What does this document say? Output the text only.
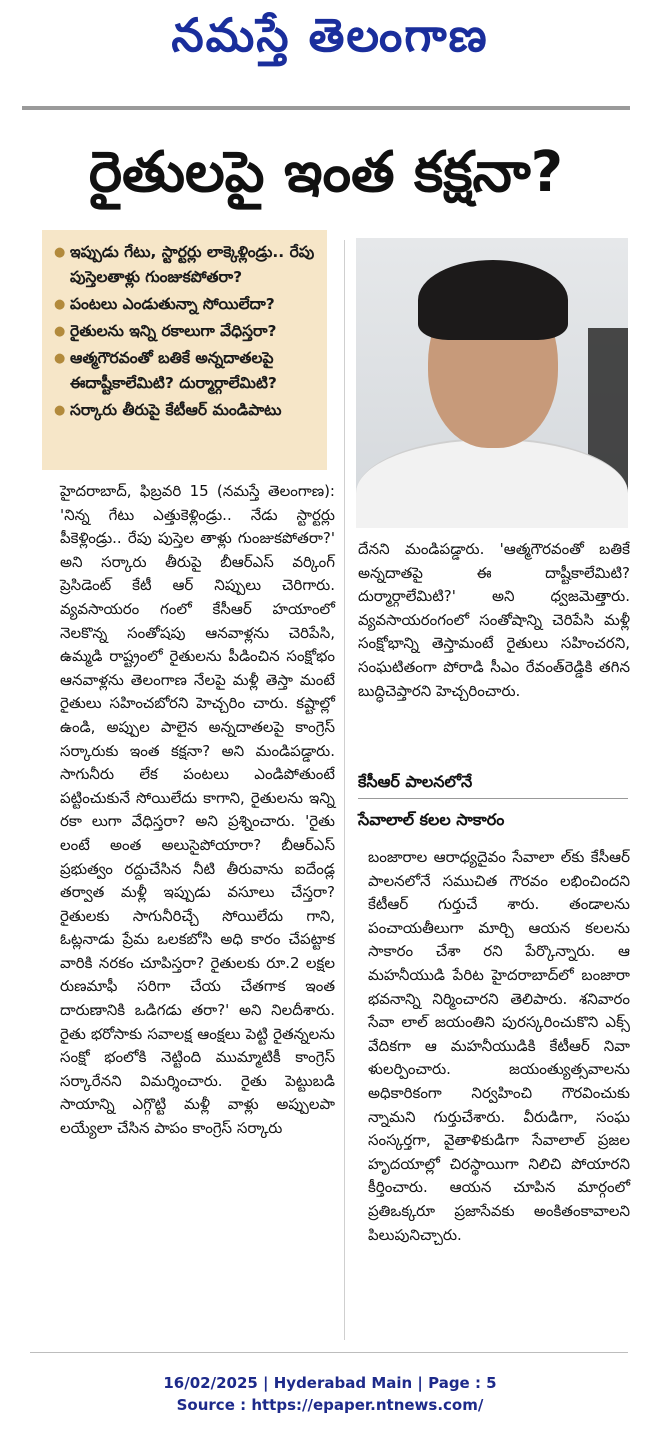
నమస్తే తెలంగాణ
రైతులపై ఇంత కక్షనా?
● ఇప్పుడు గేటు, స్టార్టర్లు లాక్కెళ్లిండ్రు.. రేపు పుస్తెలతాళ్లు గుంజుకపోతరా?
● పంటలు ఎండుతున్నా సోయిలేదా?
● రైతులను ఇన్ని రకాలుగా వేధిస్తరా?
● ఆత్మగౌరవంతో బతికే అన్నదాతలపై ఈదాష్టీకాలేమిటి? దుర్మార్గాలేమిటి?
● సర్కారు తీరుపై కేటీఆర్ మండిపాటు

హైదరాబాద్, ఫిబ్రవరి 15 (నమస్తే తెలంగాణ): 'నిన్న గేటు ఎత్తుకెళ్లిండ్రు.. నేడు స్టార్టర్లు పీకెళ్లిండ్రు.. రేపు పుస్తెల తాళ్లు గుంజుకపోతరా?' అని సర్కారు తీరుపై బీఆర్ఎస్ వర్కింగ్ ప్రెసిడెంట్ కేటీ ఆర్ నిప్పులు చెరిగారు. వ్యవసాయరం గంలో కేసీఆర్ హయాంలో నెలకొన్న సంతోషపు ఆనవాళ్లను చెరిపేసి, ఉమ్మడి రాష్ట్రంలో రైతులను పీడించిన సంక్షోభం ఆనవాళ్లను తెలంగాణ నేలపై మళ్లీ తెస్తా మంటే రైతులు సహించబోరని హెచ్చరిం చారు. కష్టాల్లో ఉండి, అప్పుల పాలైన అన్నదాతలపై కాంగ్రెస్ సర్కారుకు ఇంత కక్షనా? అని మండిపడ్డారు. సాగునీరు లేక పంటలు ఎండిపోతుంటే పట్టించుకునే సోయిలేదు కాగాని, రైతులను ఇన్ని రకా లుగా వేధిస్తరా? అని ప్రశ్నించారు. 'రైతు లంటే అంత అలుసైపోయారా? బీఆర్ఎస్ ప్రభుత్వం రద్దుచేసిన నీటి తీరువాను ఐదేండ్ల తర్వాత మళ్లీ ఇప్పుడు వసూలు చేస్తరా? రైతులకు సాగునీరిచ్చే సోయిలేదు గాని, ఓట్లనాడు ప్రేమ ఒలకబోసి అధి కారం చేపట్టాక వారికి నరకం చూపిస్తరా? రైతులకు రూ.2 లక్షల రుణమాఫీ సరిగా చేయ చేతగాక ఇంత దారుణానికి ఒడిగడు తరా?' అని నిలదీశారు. రైతు భరోసాకు సవాలక్ష ఆంక్షలు పెట్టి రైతన్నలను సంక్షో భంలోకి నెట్టింది ముమ్మాటికీ కాంగ్రెస్ సర్కారేనని విమర్శించారు. రైతు పెట్టుబడి సాయాన్ని ఎగ్గొట్టి మళ్లీ వాళ్లు అప్పులపా లయ్యేలా చేసిన పాపం కాంగ్రెస్ సర్కారు

దేనని మండిపడ్డారు. 'ఆత్మగౌరవంతో బతికే అన్నదాతపై ఈ దాష్టీకాలేమిటి? దుర్మార్గాలేమిటి?' అని ధ్వజమెత్తారు. వ్యవసాయరంగంలో సంతోషాన్ని చెరిపేసి మళ్లీ సంక్షోభాన్ని తెస్తామంటే రైతులు సహించరని, సంఘటితంగా పోరాడి సీఎం రేవంత్‌రెడ్డికి తగిన బుద్ధిచెప్తారని హెచ్చరించారు.

కేసీఆర్ పాలనలోనే
సేవాలాల్ కలల సాకారం

బంజారాల ఆరాధ్యదైవం సేవాలా ల్‌కు కేసీఆర్ పాలనలోనే సముచిత గౌరవం లభించిందని కేటీఆర్ గుర్తుచే శారు. తండాలను పంచాయతీలుగా మార్చి ఆయన కలలను సాకారం చేశా రని పేర్కొన్నారు. ఆ మహనీయుడి పేరిట హైదరాబాద్‌లో బంజారా భవనాన్ని నిర్మించారని తెలిపారు. శనివారం సేవా లాల్ జయంతిని పురస్కరించుకొని ఎక్స్ వేదికగా ఆ మహనీయుడికి కేటీఆర్ నివా ళులర్పించారు. జయంత్యుత్సవాలను అధికారికంగా నిర్వహించి గౌరవించుకు న్నామని గుర్తుచేశారు. వీరుడిగా, సంఘ సంస్కర్తగా, వైతాళికుడిగా సేవాలాల్ ప్రజల హృదయాల్లో చిరస్థాయిగా నిలిచి పోయారని కీర్తించారు. ఆయన చూపిన మార్గంలో ప్రతిఒక్కరూ ప్రజాసేవకు అంకితంకావాలని పిలుపునిచ్చారు.

16/02/2025 | Hyderabad Main | Page : 5
Source : https://epaper.ntnews.com/
